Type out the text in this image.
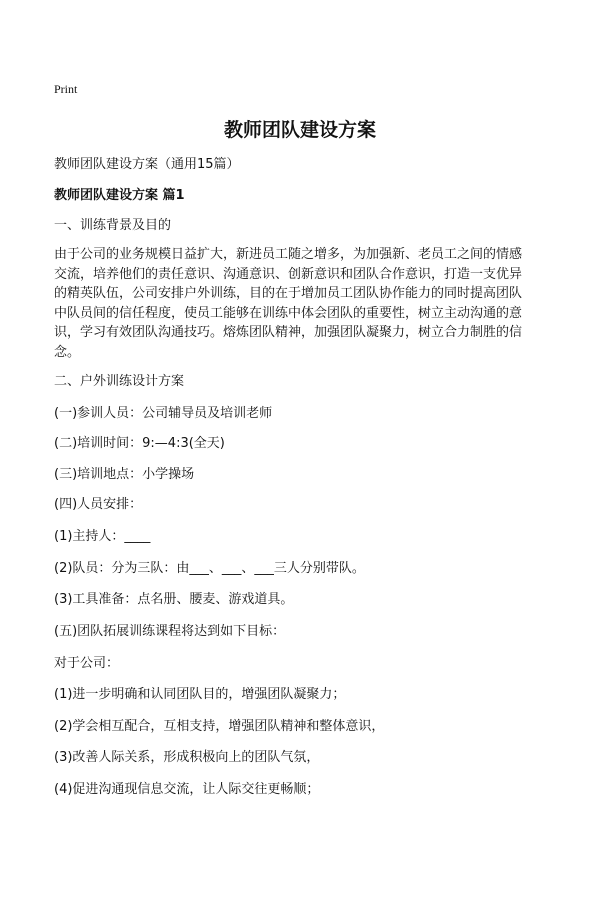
Print
教师团队建设方案
教师团队建设方案（通用15篇）
教师团队建设方案 篇1
一、训练背景及目的
由于公司的业务规模日益扩大，新进员工随之增多，为加强新、老员工之间的情感
交流，培养他们的责任意识、沟通意识、创新意识和团队合作意识，打造一支优异
的精英队伍，公司安排户外训练，目的在于增加员工团队协作能力的同时提高团队
中队员间的信任程度，使员工能够在训练中体会团队的重要性，树立主动沟通的意
识，学习有效团队沟通技巧。熔炼团队精神，加强团队凝聚力，树立合力制胜的信
念。
二、户外训练设计方案
(一)参训人员：公司辅导员及培训老师
(二)培训时间：9:—4:3(全天)
(三)培训地点：小学操场
(四)人员安排：
(1)主持人：____
(2)队员：分为三队：由___、___、___三人分别带队。
(3)工具准备：点名册、腰麦、游戏道具。
(五)团队拓展训练课程将达到如下目标：
对于公司：
(1)进一步明确和认同团队目的，增强团队凝聚力；
(2)学会相互配合，互相支持，增强团队精神和整体意识，
(3)改善人际关系，形成积极向上的团队气氛，
(4)促进沟通现信息交流，让人际交往更畅顺；
